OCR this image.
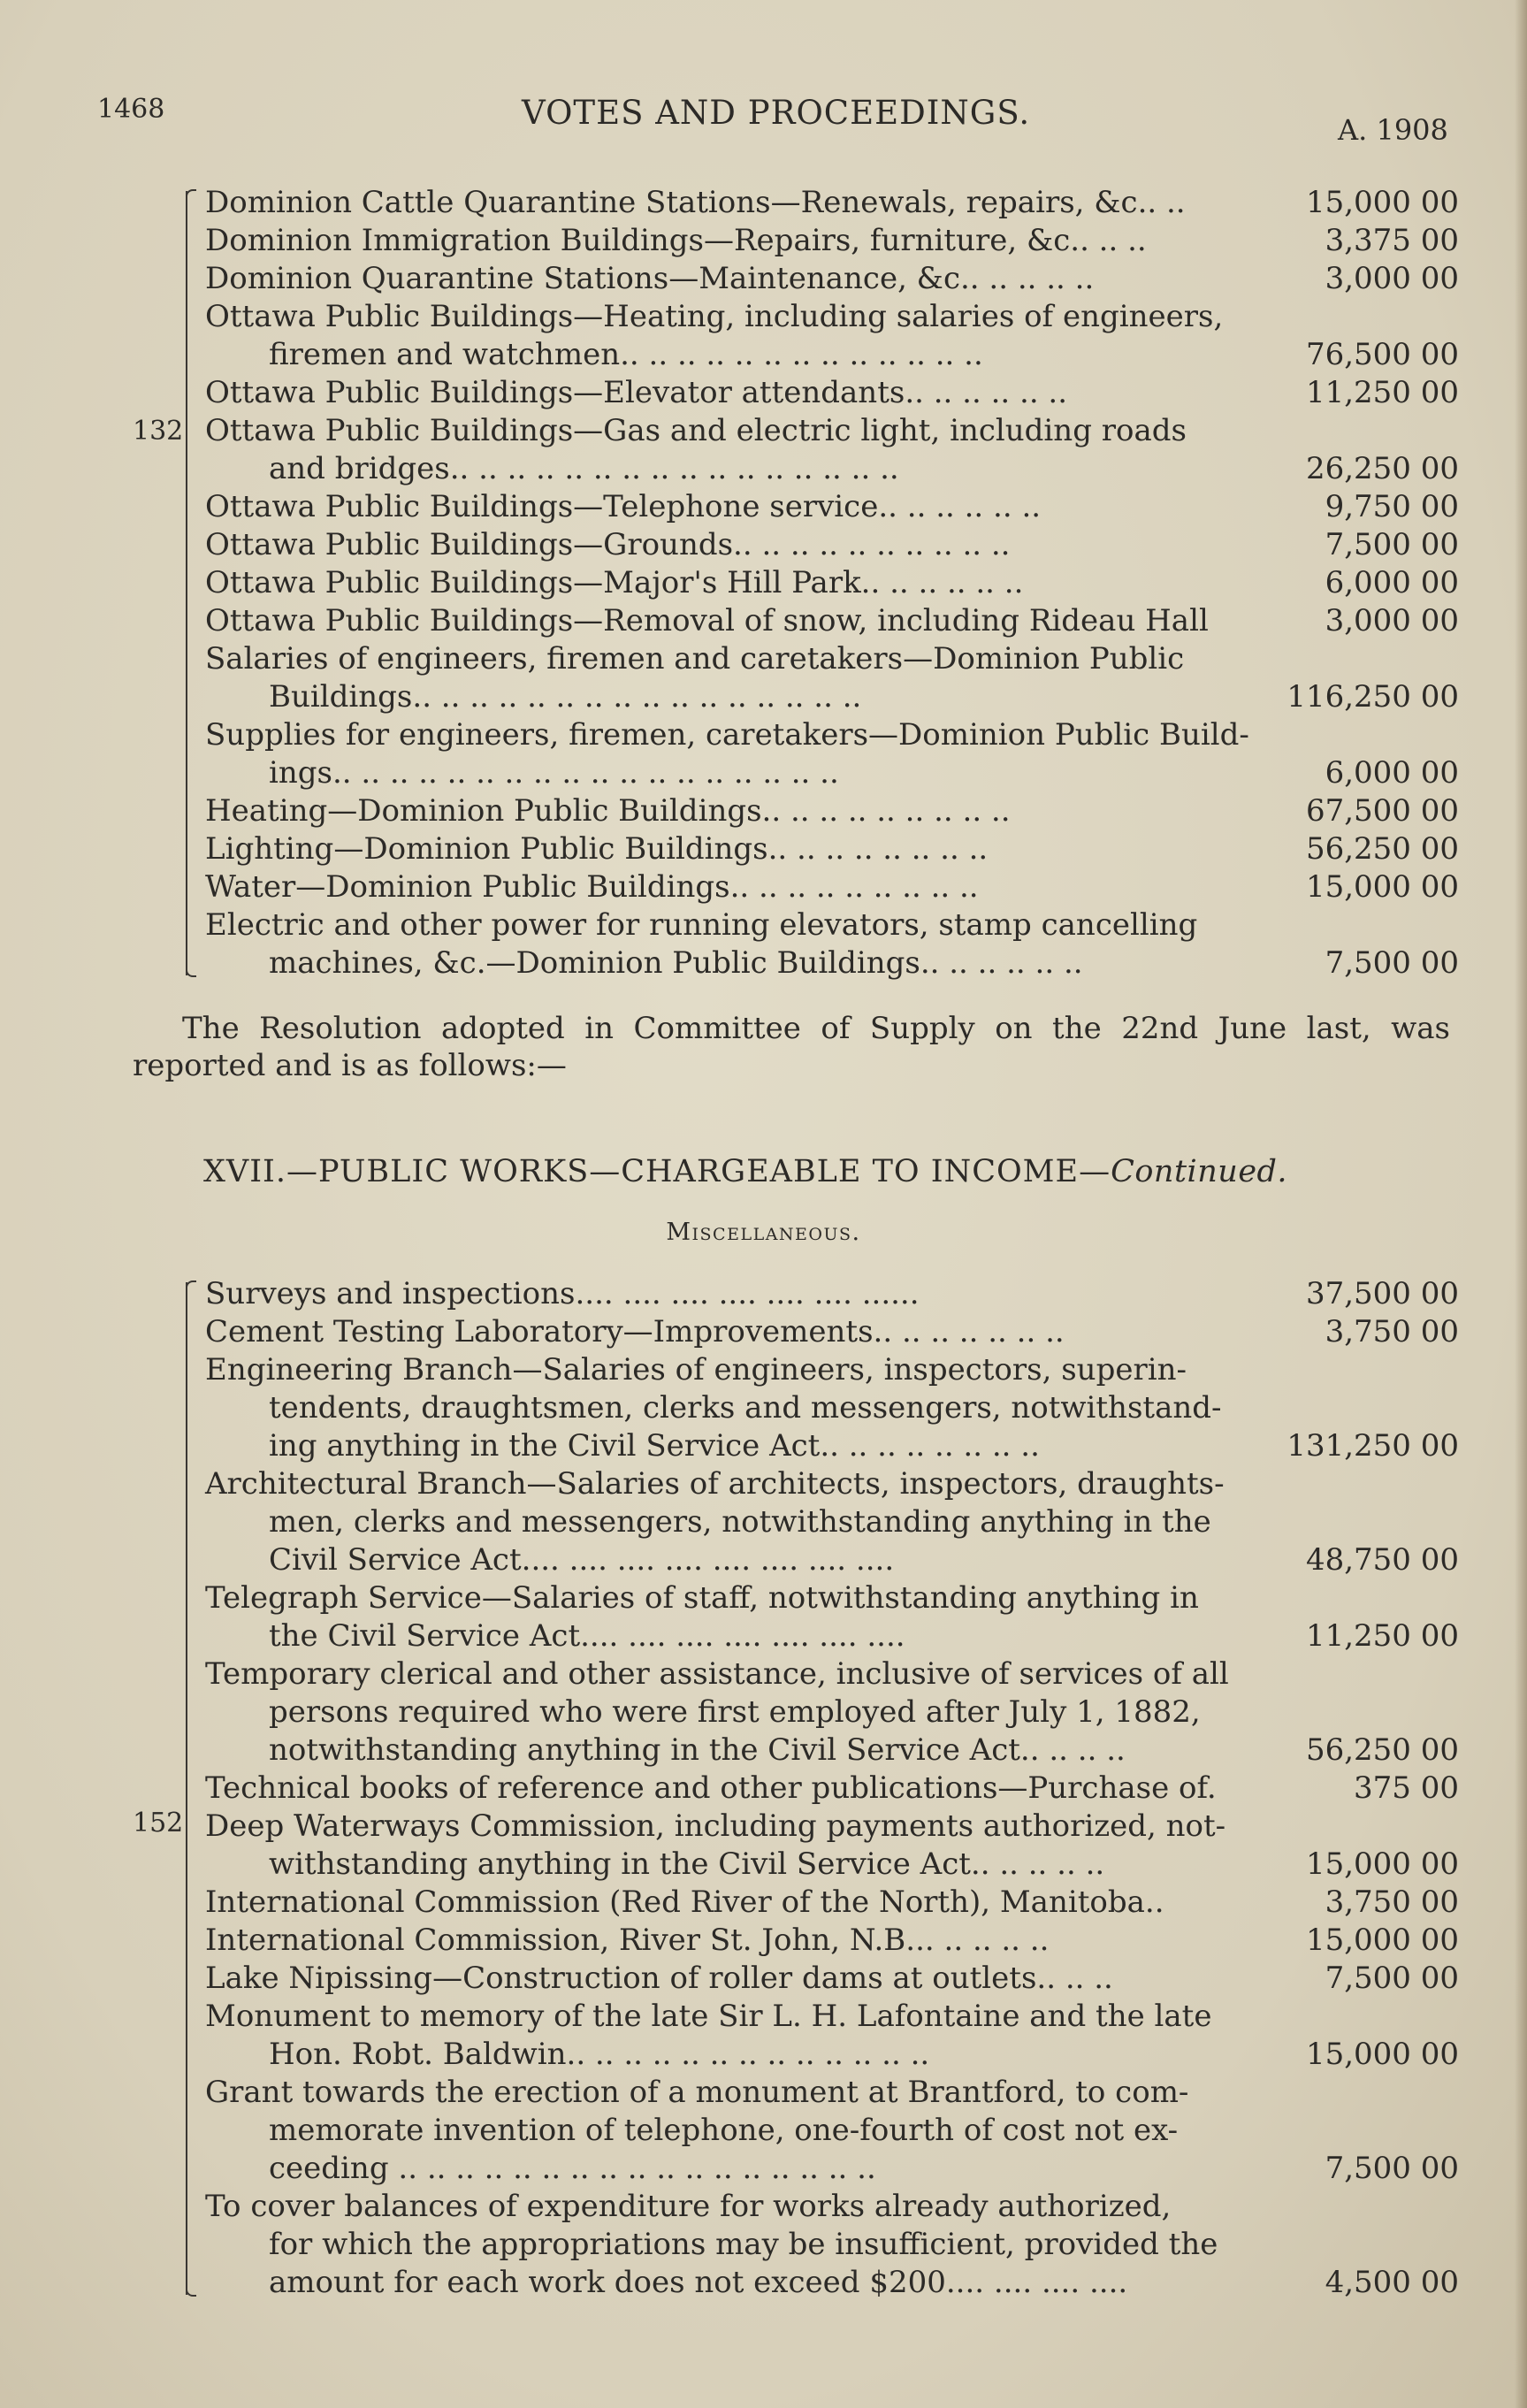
1468	VOTES AND PROCEEDINGS.	A. 1908
132
Dominion Cattle Quarantine Stations—Renewals, repairs, &c.. ..	15,000 00
Dominion Immigration Buildings—Repairs, furniture, &c.. .. ..	3,375 00
Dominion Quarantine Stations—Maintenance, &c.. .. .. .. ..	3,000 00
Ottawa Public Buildings—Heating, including salaries of engineers,
firemen and watchmen.. .. .. .. .. .. .. .. .. .. .. .. ..	76,500 00
Ottawa Public Buildings—Elevator attendants.. .. .. .. .. ..	11,250 00
Ottawa Public Buildings—Gas and electric light, including roads
and bridges.. .. .. .. .. .. .. .. .. .. .. .. .. .. .. ..	26,250 00
Ottawa Public Buildings—Telephone service.. .. .. .. .. ..	9,750 00
Ottawa Public Buildings—Grounds.. .. .. .. .. .. .. .. .. ..	7,500 00
Ottawa Public Buildings—Major's Hill Park.. .. .. .. .. ..	6,000 00
Ottawa Public Buildings—Removal of snow, including Rideau Hall	3,000 00
Salaries of engineers, firemen and caretakers—Dominion Public
Buildings.. .. .. .. .. .. .. .. .. .. .. .. .. .. .. ..	116,250 00
Supplies for engineers, firemen, caretakers—Dominion Public Build-
ings.. .. .. .. .. .. .. .. .. .. .. .. .. .. .. .. .. ..	6,000 00
Heating—Dominion Public Buildings.. .. .. .. .. .. .. .. ..	67,500 00
Lighting—Dominion Public Buildings.. .. .. .. .. .. .. ..	56,250 00
Water—Dominion Public Buildings.. .. .. .. .. .. .. .. ..	15,000 00
Electric and other power for running elevators, stamp cancelling
machines, &c.—Dominion Public Buildings.. .. .. .. .. ..	7,500 00

The Resolution adopted in Committee of Supply on the 22nd June last, was reported and is as follows:—

XVII.—PUBLIC WORKS—CHARGEABLE TO INCOME—Continued.
Miscellaneous.
152
Surveys and inspections.... .... .... .... .... .... ......	37,500 00
Cement Testing Laboratory—Improvements.. .. .. .. .. .. ..	3,750 00
Engineering Branch—Salaries of engineers, inspectors, superin-
tendents, draughtsmen, clerks and messengers, notwithstand-
ing anything in the Civil Service Act.. .. .. .. .. .. .. ..	131,250 00
Architectural Branch—Salaries of architects, inspectors, draughts-
men, clerks and messengers, notwithstanding anything in the
Civil Service Act.... .... .... .... .... .... .... ....	48,750 00
Telegraph Service—Salaries of staff, notwithstanding anything in
the Civil Service Act.... .... .... .... .... .... ....	11,250 00
Temporary clerical and other assistance, inclusive of services of all
persons required who were first employed after July 1, 1882,
notwithstanding anything in the Civil Service Act.. .. .. ..	56,250 00
Technical books of reference and other publications—Purchase of.	375 00
Deep Waterways Commission, including payments authorized, not-
withstanding anything in the Civil Service Act.. .. .. .. ..	15,000 00
International Commission (Red River of the North), Manitoba..	3,750 00
International Commission, River St. John, N.B... .. .. .. ..	15,000 00
Lake Nipissing—Construction of roller dams at outlets.. .. ..	7,500 00
Monument to memory of the late Sir L. H. Lafontaine and the late
Hon. Robt. Baldwin.. .. .. .. .. .. .. .. .. .. .. .. ..	15,000 00
Grant towards the erection of a monument at Brantford, to com-
memorate invention of telephone, one-fourth of cost not ex-
ceeding .. .. .. .. .. .. .. .. .. .. .. .. .. .. .. .. ..	7,500 00
To cover balances of expenditure for works already authorized,
for which the appropriations may be insufficient, provided the
amount for each work does not exceed $200.... .... .... ....	4,500 00
